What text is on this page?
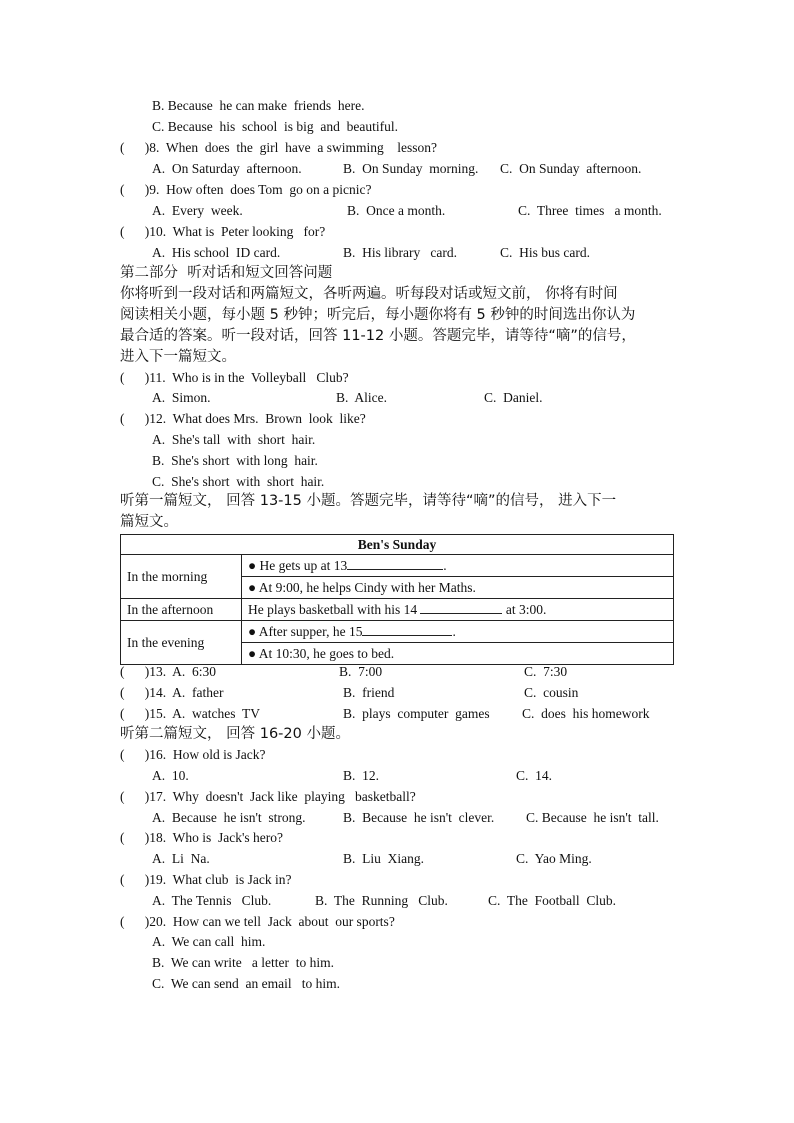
B. Because  he can make  friends  here.
C. Because  his  school  is big  and  beautiful.
(      )8.  When  does  the  girl  have  a swimming    lesson?
A.  On Saturday  afternoon.	B.  On Sunday  morning. C.  On Sunday  afternoon.
(      )9.  How often  does Tom  go on a picnic?
A.  Every  week.	B.  Once a month.	C.  Three  times   a month.
(      )10.  What is  Peter looking   for?
A.  His school  ID card.	B.  His library   card.	C.  His bus card.
第二部分  听对话和短文回答问题
你将听到一段对话和两篇短文，各听两遍。听每段对话或短文前， 你将有时间
阅读相关小题，每小题 5 秒钟；听完后，每小题你将有 5 秒钟的时间选出你认为
最合适的答案。听一段对话，回答 11-12 小题。答题完毕，请等待“嘀”的信号，
进入下一篇短文。
(      )11.  Who is in the  Volleyball   Club?
A.  Simon.	B.  Alice.	C.  Daniel.
(      )12.  What does Mrs.  Brown  look  like?
A.  She's tall  with  short  hair.
B.  She's short  with long  hair.
C.  She's short  with  short  hair.
听第一篇短文， 回答 13-15 小题。答题完毕，请等待“嘀”的信号， 进入下一
篇短文。
Ben's Sunday	
In the morning	● He gets up at 13 .
● At 9:00, he helps Cindy with her Maths.

In the afternoon	He plays basketball with his 14 at 3:00.
In the evening	● After supper, he 15 .
● At 10:30, he goes to bed.
(      )13.  A.  6:30	B.  7:00	C.  7:30
(      )14.  A.  father	B.  friend	C.  cousin
(      )15.  A.  watches  TV	B.  plays  computer  games C.  does  his homework
听第二篇短文， 回答 16-20 小题。
(      )16.  How old is Jack?
A.  10.	B.  12.	C.  14.
(      )17.  Why  doesn't  Jack like  playing   basketball?
A.  Because  he isn't  strong.	B.  Because  he isn't  clever. C. Because  he isn't  tall.
(      )18.  Who is  Jack's hero?
A.  Li  Na.	B.  Liu  Xiang.	C.  Yao Ming.
(      )19.  What club  is Jack in?
A.  The Tennis   Club.	B.  The  Running   Club.	C.  The  Football  Club.
(      )20.  How can we tell  Jack  about  our sports?
A.  We can call  him.
B.  We can write   a letter  to him.
C.  We can send  an email   to him.
